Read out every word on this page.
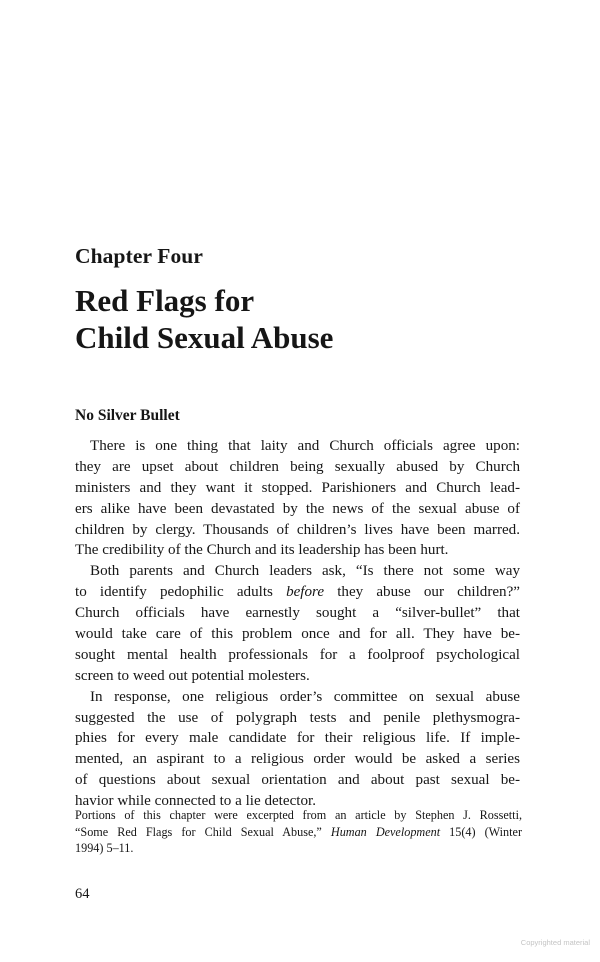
Chapter Four
Red Flags for
Child Sexual Abuse
No Silver Bullet
There is one thing that laity and Church officials agree upon:
they are upset about children being sexually abused by Church
ministers and they want it stopped. Parishioners and Church lead-
ers alike have been devastated by the news of the sexual abuse of
children by clergy. Thousands of children’s lives have been marred.
The credibility of the Church and its leadership has been hurt.
Both parents and Church leaders ask, “Is there not some way
to identify pedophilic adults before they abuse our children?”
Church officials have earnestly sought a “silver-bullet” that
would take care of this problem once and for all. They have be-
sought mental health professionals for a foolproof psychological
screen to weed out potential molesters.
In response, one religious order’s committee on sexual abuse
suggested the use of polygraph tests and penile plethysmogra-
phies for every male candidate for their religious life. If imple-
mented, an aspirant to a religious order would be asked a series
of questions about sexual orientation and about past sexual be-
havior while connected to a lie detector.
Portions of this chapter were excerpted from an article by Stephen J. Rossetti,
“Some Red Flags for Child Sexual Abuse,” Human Development 15(4) (Winter
1994) 5–11.
64
Copyrighted material
